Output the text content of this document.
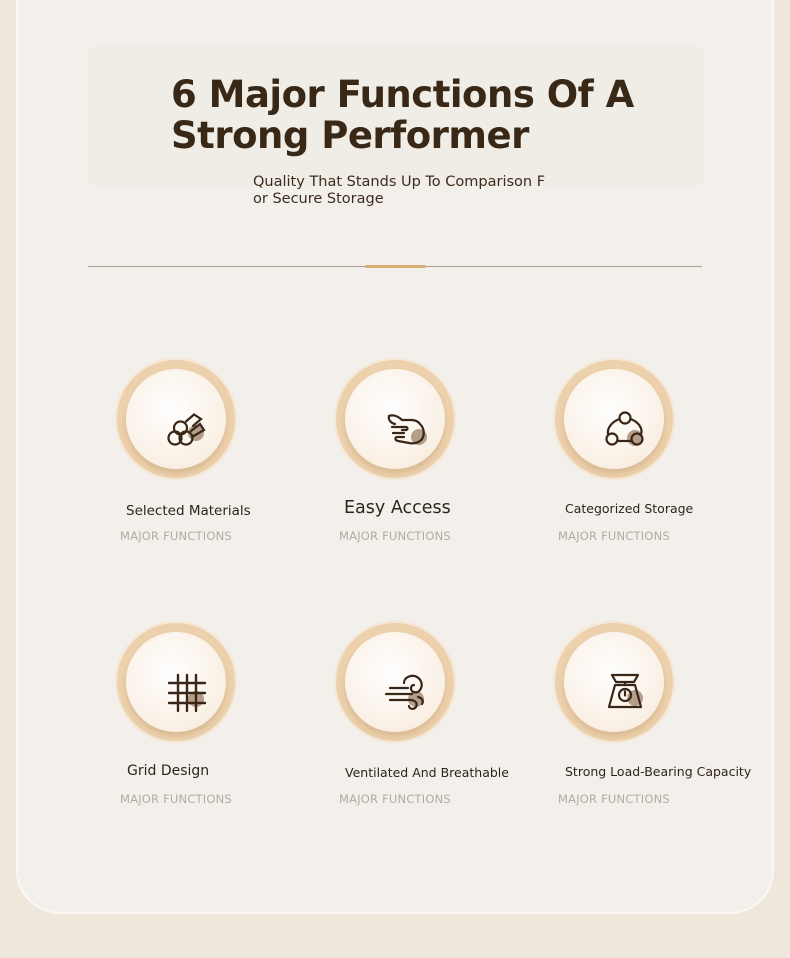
6 Major Functions Of A
Strong Performer
Quality That Stands Up To Comparison F
or Secure Storage
Selected Materials
MAJOR FUNCTIONS
Easy Access
MAJOR FUNCTIONS
Categorized Storage
MAJOR FUNCTIONS
Grid Design
MAJOR FUNCTIONS
Ventilated And Breathable
MAJOR FUNCTIONS
Strong Load-Bearing Capacity
MAJOR FUNCTIONS
